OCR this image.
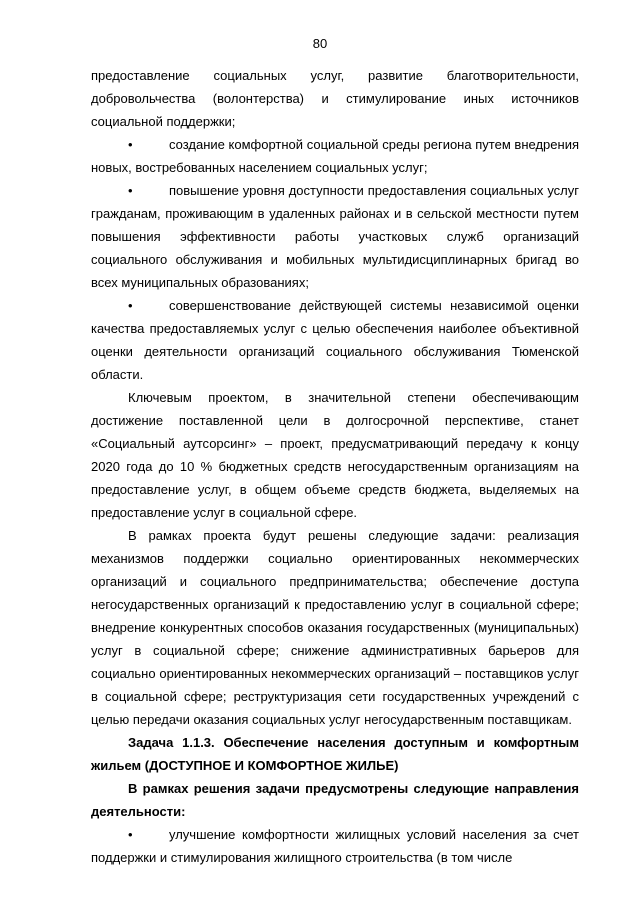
80

предоставление социальных услуг, развитие благотворительности, добровольчества (волонтерства) и стимулирование иных источников социальной поддержки;

•	создание комфортной социальной среды региона путем внедрения новых, востребованных населением социальных услуг;

•	повышение уровня доступности предоставления социальных услуг гражданам, проживающим в удаленных районах и в сельской местности путем повышения эффективности работы участковых служб организаций социального обслуживания и мобильных мультидисциплинарных бригад во всех муниципальных образованиях;

•	совершенствование действующей системы независимой оценки качества предоставляемых услуг с целью обеспечения наиболее объективной оценки деятельности организаций социального обслуживания Тюменской области.

Ключевым проектом, в значительной степени обеспечивающим достижение поставленной цели в долгосрочной перспективе, станет «Социальный аутсорсинг» – проект, предусматривающий передачу к концу 2020 года до 10 % бюджетных средств негосударственным организациям на предоставление услуг, в общем объеме средств бюджета, выделяемых на предоставление услуг в социальной сфере.

В рамках проекта будут решены следующие задачи: реализация механизмов поддержки социально ориентированных некоммерческих организаций и социального предпринимательства; обеспечение доступа негосударственных организаций к предоставлению услуг в социальной сфере; внедрение конкурентных способов оказания государственных (муниципальных) услуг в социальной сфере; снижение административных барьеров для социально ориентированных некоммерческих организаций – поставщиков услуг в социальной сфере; реструктуризация сети государственных учреждений с целью передачи оказания социальных услуг негосударственным поставщикам.

Задача 1.1.3. Обеспечение населения доступным и комфортным жильем (ДОСТУПНОЕ И КОМФОРТНОЕ ЖИЛЬЕ)

В рамках решения задачи предусмотрены следующие направления деятельности:

•	улучшение комфортности жилищных условий населения за счет поддержки и стимулирования жилищного строительства (в том числе
